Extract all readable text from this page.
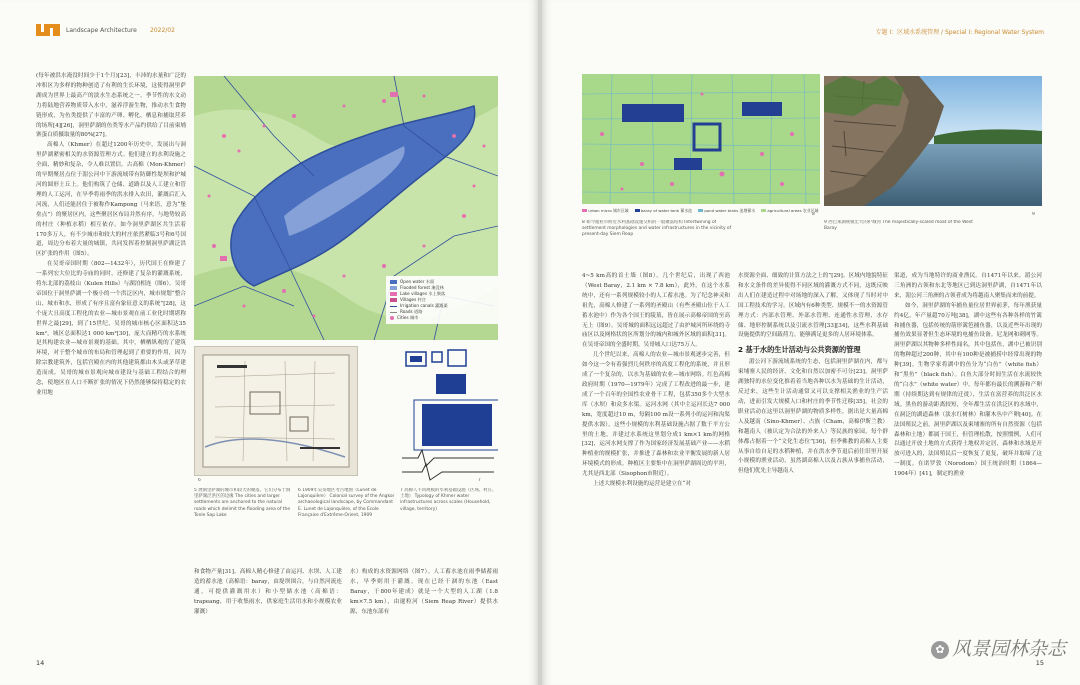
Landscape Architecture 2022/02

(每年被洪水淹没时间少于1个月)[23]，丰沛的水量和广泛的冲积区为多样的物种创造了有利的生长环境，这使得洞里萨湖成为世界上最高产的淡水生态系统之一。季节性的水文动力将陆地营养物质带入水中，滋养浮游生物，推动水生食物链形成，为鱼类提供了丰富的产卵、孵化、栖息和捕取营养的场所[4][26]，洞里萨湖的鱼类等水产品约供给了目前柬埔寨蛋白质摄取量的80%[27]。

高棉人（Khmer）在超过1200年历史中，发展出与洞里萨湖紧密相关的水资源管理方式。他们建立的水利设施之全面、精妙和复杂，令人难以置信。古高棉（Mon-Khmer）的早期聚居点位于湄公河中下游流域带有防御性堤坝和护城河的圆形土丘上。他们构筑了仓储、道路以及人工建立和管理的人工运河，在旱季将雨季的洪水排入农田，灌溉后汇入河流，人们还能居住于被称作Kampong（马来语，意为“堡垒点”）的聚居区内，这些聚居区布局并然有序，与地势较高的村庄（种植水稻）相互依存。如今洞里萨湖区共生活着170多万人，有不少城市和较大的村庄依然紧临3号和6号国道，周边分布着大量的城镇，共同发挥着控制洞里萨湖泛洪区扩张的作用（图5）。

在吴哥帝国时期（802—1432年），历代国王在修建了一系列宏大位比的寺庙的同时，还修建了复杂的灌溉系统，将东北部的荔枝山（Kulen Hills）与湖泊相连（图6）。吴哥帝国位于洞里萨湖一个极小的一个洪泛区内，城市规划“整合山、城市和水，形成了有序且富有象征意义的系统”[28]，这个庞大且高度工程化的农业—城市景观在前工业化时期堪称世界之最[29]，到了15世纪，吴哥的城市核心区面积达35 km²，城区总面积达1 000 km²[30]，庞大而精巧的水系统是其构建农业—城市景观的基础。其中，栖栖纵观的了建筑环境，对于整个城市的布局和管理起到了重要的作用，因为除宗教建筑外，包括宫殿在内的其他建筑都由木头或茅草建造而成。吴哥的城市景观向城市建设与基础工程结合的理念，使地区在人口不断扩张的情况下仍然能够保持稳定的农业用地

Open water 水面
Flooded forest 淹没林
Lake villages 水上聚落
Villages 村庄
Irrigation canals 灌溉渠
Roads 道路
Cities 城市
6	7
5 展洞里萨湖的城市和较大的聚落，它们分布于洞里萨湖泛洪区的边缘 The cities and larger settlements are anchored to the natural roads which delimit the flooding area of the Tonle Sap Lake
6 1909年吴哥地区考古地图（Lunet de Lajonquière） Colonial survey of the Angkor archaeological landscape, by Commandant E. Lunet de Lajonquière, of the Ecole Française d'Extrême-Orient, 1909
7 高棉人不同规模的水利基础设施（区域、村庄、土地） Typology of Khmer water infrastructures across scales (Household, village, territory)

和食物产量[31]。高棉人精心修建了由运河、水坝、人工建造的蓄水池（高棉语：baray，由堤坝围合，与自然河流连通，可提供灌溉用水）和小型储水池（高棉语：trapeang，用于收集雨水，供家庭生活用水和小规模农业灌溉）

水）构成的水资源网络（图7）。人工蓄水池在雨季储蓄雨水，旱季则用于灌溉。现在已经干涸的东池（East Baray，于800年建成）就是一个大型的人工湖（1.8 km×7.5 km），由暹粒河（Siem Reap River）提供水源，东池东部有

14
专题 I：区域水系统管理 / Special I: Regional Water System
urban micro 城市区域	baray of water tank 蓄水池	pond water tanks 池塘蓄水	agricultural areas 农业区域
8
8 如今暹粒市附近水利基础设施交织的一般聚落结构 Intertwining of settlement morphologies and water infrastructures in the vicinity of present-day Siem Reap
9
9 西巴莱湖规模宏大的护城河 The majestically-scaled moat of the West Baray

4~5 km高的首士墙（图8）。几个世纪后，出现了西池（West Baray，2.1 km × 7.8 km），此外，在这个水系统中，还有一系列规模较小的人工蓄水池。为了纪念神灵和祖先，高棉人修建了一系列的圣殿山（有些圣殿山位于人工蓄水池中）作为各个国王的陵墓，皆在展示高棉帝国的至高无上（图9）。吴哥城的面积远远超过了由护城河所环绕的寺庙区以及网格状的区所划分的城内和城外区域的面积[31]。在吴哥帝国的全盛时期，吴哥城人口达75万人。

几个世纪以来，高棉人的农业—城市景观逐步完善，但如今这一令有着强烈几何秩序的高度工程化的系统，并且形成了一个复杂的，以水为基础的农业—城市网络。红色高棉政府时期（1970—1979年）完成了工程改进的最一步，建成了一个百年的全国性农业骨干工程，包括350多个大型水库（水坝）和众多水渠。运河水网（其中主运河长达7 000 km，宽度超过10 m，每隔100 m设一系列小的运河和沟渠提供水源）。这些小规模的水利基础设施占据了数千平方公里的土地，并建过水系统这里划分成1 km×1 km的网格[32]，运河水网支撑了作为国家经济发展基础产业——水稻种植业的规模扩张，并推进了森林和农业平衡发展的新人居环境模式的形成。种植区主要集中在洞里萨湖周边的平坦，尤其是西北部（Sisophon市附近）。

上述大规模水利设施的运营是建立在“对

水资源全面、细致的计算方法之上的”[29]。区域内地貌特征和水文条件的差异使得不同区域的灌溉方式不同，这既反映出人们在建造过程中对场地的深入了解，又体现了当时对中国工程技术的学习。区域内有6种类型、规模不一的水资源管理方式：内部水管理、外部水管理、连通性水管理、水存储、地形控制系统以及引流水管理[33][34]，这些水利基础设施提供的空间载荷力，能够满足更多的人居环境体系。

2 基于水的生计活动与公共资源的管理

湄公河下游流域系统的生态，包括洞里萨湖在内，都与柬埔寨人民的经济、文化和自然以加密不可分[23]。洞里萨湖独特的水位变化推着着当地各种以水为基础的生计活动，反过来，这些生计活动通常又可以支撑相关渔业的生产活动，进而引发大规模人口和村庄的季节性迁移[35]，社会的职业活动在这里以洞里萨湖的物质多样性，据出是大量高棉人及越南（Sino-Khmer）、占族（Cham，高棉伊斯兰教）和越南人（被认定为合法的外来人）等民族的家园。每个群体都占据着一个“文化生态位”[36]，但季佛教的高棉人主要从事自给自足的水稻种植，并在洪水季节退后前往旧里开展小规模的渔业活动，虽然湖高棉人以及占族从事捕鱼活动，但他们优先主导越南人

渠道，成为当地特许的商业渔民。自1471年以来，湄公河三角洲的占领和东北等地区已到达洞里萨湖，自1471年以来，湄公河三角洲的占领者成为将越南人聚集而来的前提。

如今，洞里萨湖的年捕鱼量位居世界前茅，每年渔获量约4亿，年产量超70万吨[38]，湖中这些有各种各样的竹篱和捕鱼器，包括传统的箭形篱笆捕鱼器，以及近些年出现的捕鱼效果显著但生态环境的电捕鱼设备。尼龙网和刺网等。洞里萨湖以其物种多样性闻名，其中包括鱼，湖中已被识别的物种超过200种，其中有100种是被捕捞中经常出现的物种[39]。生物学家将湖中的鱼分为“白鱼”（white fish）和“黑鱼”（black fish）。白鱼大部分时间生活在水流较快的“白水”（white water）中，每年都有最长的溯游和产卵期（持续期达到有规律的迁徙），生活在富营养的洪泛区水域。黑鱼的游动距离较短，全年都生活在洪泛区的水域中，在洞泛的湖道森林（淡水红树林）和灌木丛中产卵[40]。在法国殖民之前，洞里萨湖以及柬埔寨的所有自然资源（包括森林和土地）都属于国王，但管理松散，按照惯例，人们可以通过开放土地的方式获得土地权并定居，森林和水域是开放可进入的，法国殖民后一度恢复了更复，破坏并取缔了这一制度。在诺罗敦（Norodom）国王统治时期（1864—1904年）[41]，制定的渔业

15
✿ 风景园林杂志
